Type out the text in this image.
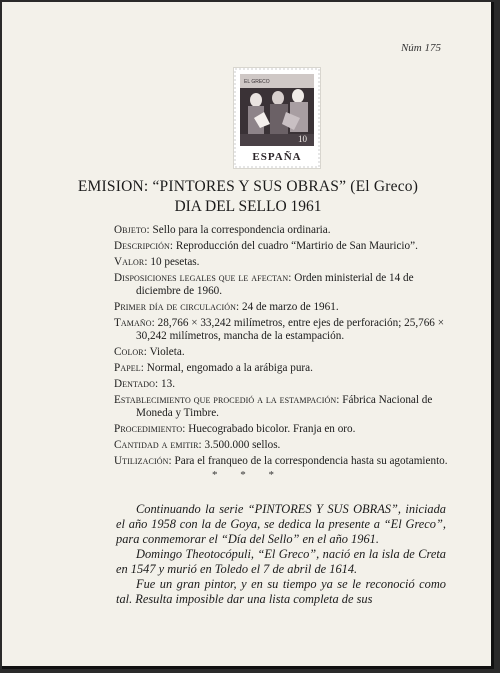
Núm 175
EL GRECO
10
ESPAÑA
EMISION: “PINTORES Y SUS OBRAS” (El Greco)
DIA DEL SELLO 1961
Objeto: Sello para la correspondencia ordinaria.
Descripción: Reproducción del cuadro “Martirio de San Mauricio”.
Valor: 10 pesetas.
Disposiciones legales que le afectan: Orden ministerial de 14 de diciembre de 1960.
Primer día de circulación: 24 de marzo de 1961.
Tamaño: 28,766 × 33,242 milímetros, entre ejes de perforación; 25,766 × 30,242 milímetros, mancha de la estampación.
Color: Violeta.
Papel: Normal, engomado a la arábiga pura.
Dentado: 13.
Establecimiento que procedió a la estampación: Fábrica Nacional de Moneda y Timbre.
Procedimiento: Huecograbado bicolor. Franja en oro.
Cantidad a emitir: 3.500.000 sellos.
Utilización: Para el franqueo de la correspondencia hasta su agotamiento.
* * *

Continuando la serie “PINTORES Y SUS OBRAS”, iniciada el año 1958 con la de Goya, se dedica la presente a “El Greco”, para conmemorar el “Día del Sello” en el año 1961.

Domingo Theotocópuli, “El Greco”, nació en la isla de Creta en 1547 y murió en Toledo el 7 de abril de 1614.

Fue un gran pintor, y en su tiempo ya se le reconoció como tal. Resulta imposible dar una lista completa de sus
